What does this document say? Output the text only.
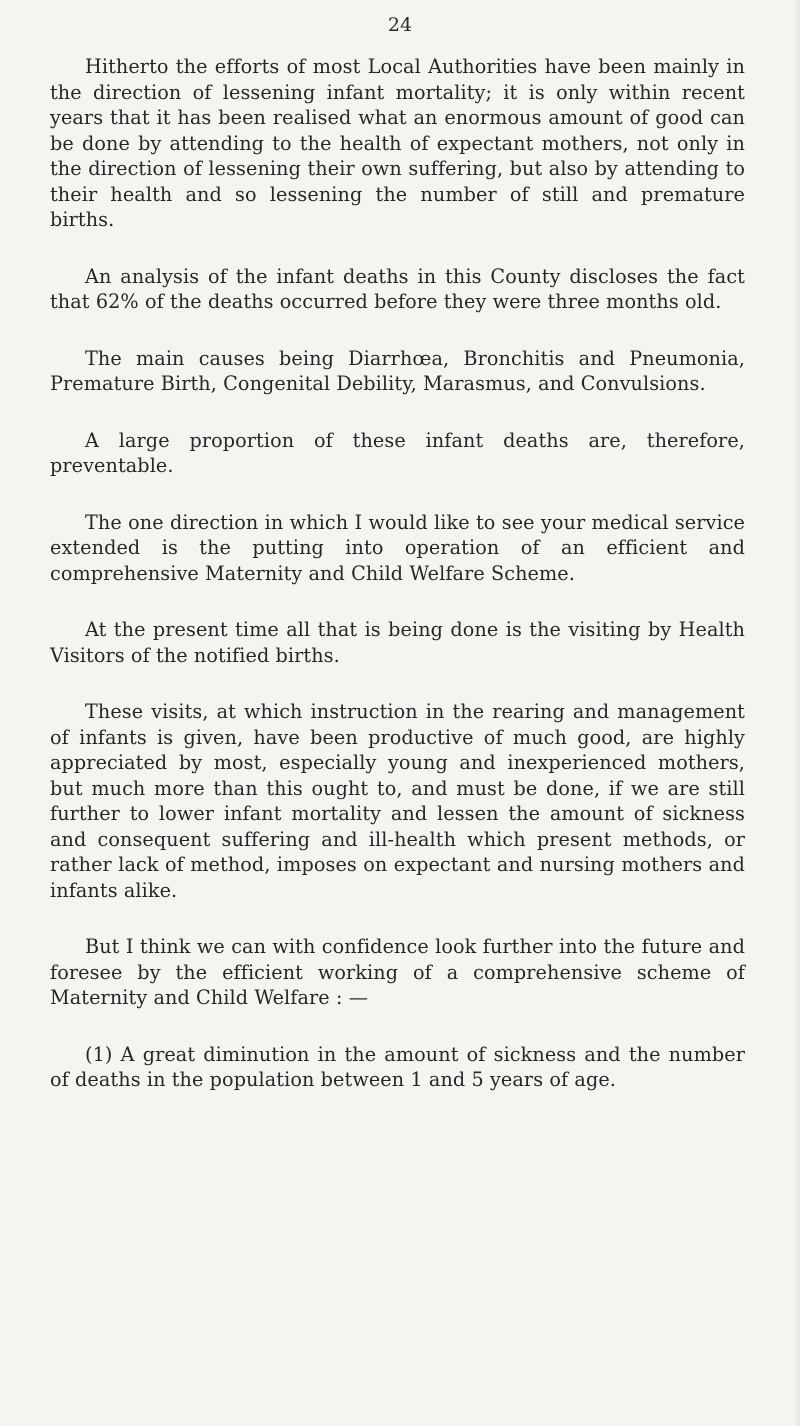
24

Hitherto the efforts of most Local Authorities have been mainly in the direction of lessening infant mortality; it is only within recent years that it has been realised what an enormous amount of good can be done by attending to the health of expectant mothers, not only in the direction of lessening their own suffering, but also by attending to their health and so lessening the number of still and premature births.

An analysis of the infant deaths in this County discloses the fact that 62% of the deaths occurred before they were three months old.

The main causes being Diarrhœa, Bronchitis and Pneumonia, Premature Birth, Congenital Debility, Marasmus, and Convulsions.

A large proportion of these infant deaths are, therefore, preventable.

The one direction in which I would like to see your medical service extended is the putting into operation of an efficient and comprehensive Maternity and Child Welfare Scheme.

At the present time all that is being done is the visiting by Health Visitors of the notified births.

These visits, at which instruction in the rearing and management of infants is given, have been productive of much good, are highly appreciated by most, especially young and inexperienced mothers, but much more than this ought to, and must be done, if we are still further to lower infant mortality and lessen the amount of sickness and consequent suffering and ill-health which present methods, or rather lack of method, imposes on expectant and nursing mothers and infants alike.

But I think we can with confidence look further into the future and foresee by the efficient working of a comprehensive scheme of Maternity and Child Welfare : —

(1) A great diminution in the amount of sickness and the number of deaths in the population between 1 and 5 years of age.
